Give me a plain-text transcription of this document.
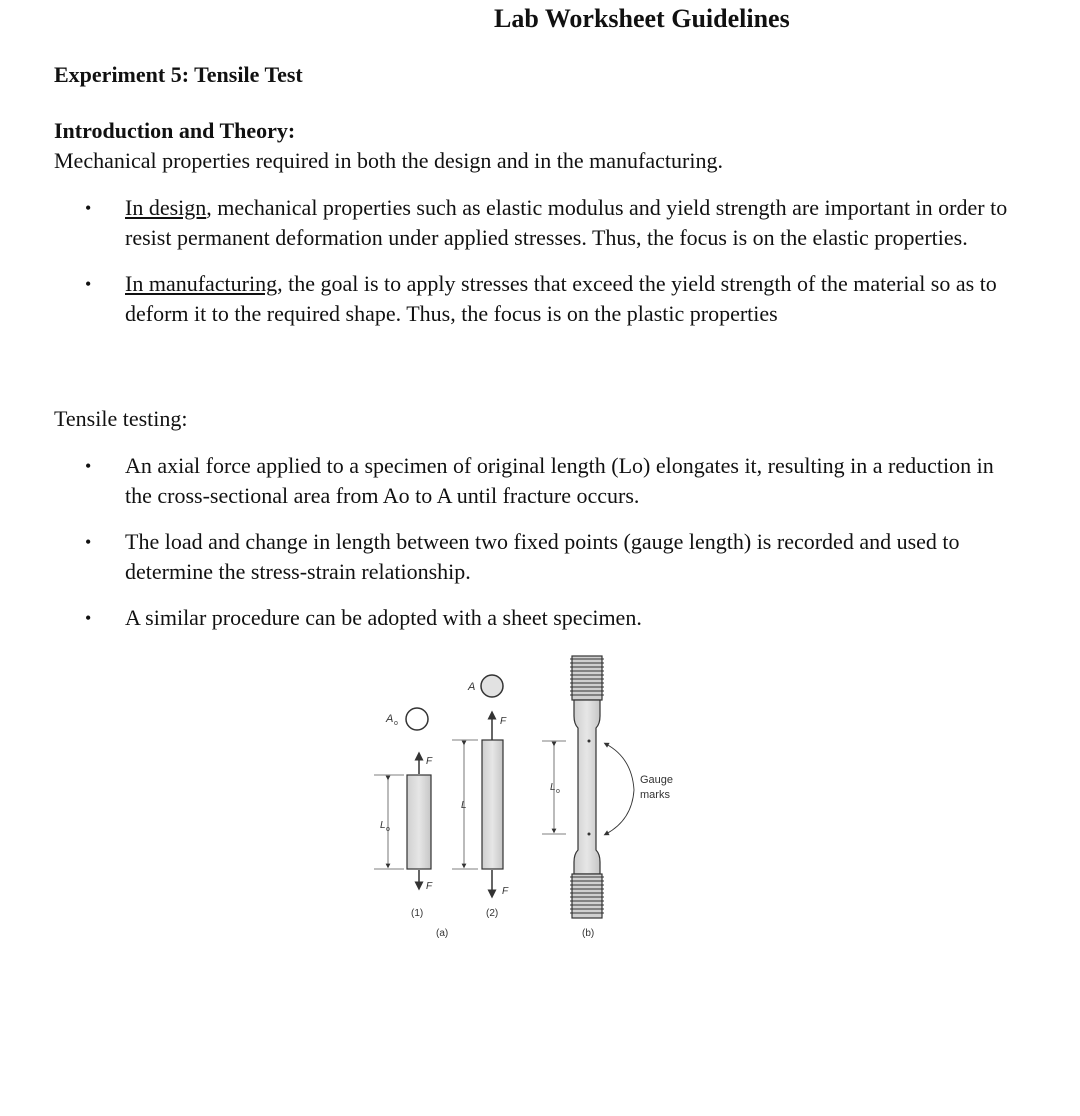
Lab Worksheet Guidelines
Experiment 5: Tensile Test
Introduction and Theory:
Mechanical properties required in both the design and in the manufacturing.
• In design, mechanical properties such as elastic modulus and yield strength are important in order to resist permanent deformation under applied stresses. Thus, the focus is on the elastic properties.
• In manufacturing, the goal is to apply stresses that exceed the yield strength of the material so as to deform it to the required shape. Thus, the focus is on the plastic properties
Tensile testing:
• An axial force applied to a specimen of original length (Lo) elongates it, resulting in a reduction in the cross-sectional area from Ao to A until fracture occurs.
• The load and change in length between two fixed points (gauge length) is recorded and used to determine the stress-strain relationship.
• A similar procedure can be adopted with a sheet specimen.
A o
F
F
L o
(1)
A
F
F
L
(2)
(a)
L o
Gauge
marks
(b)
